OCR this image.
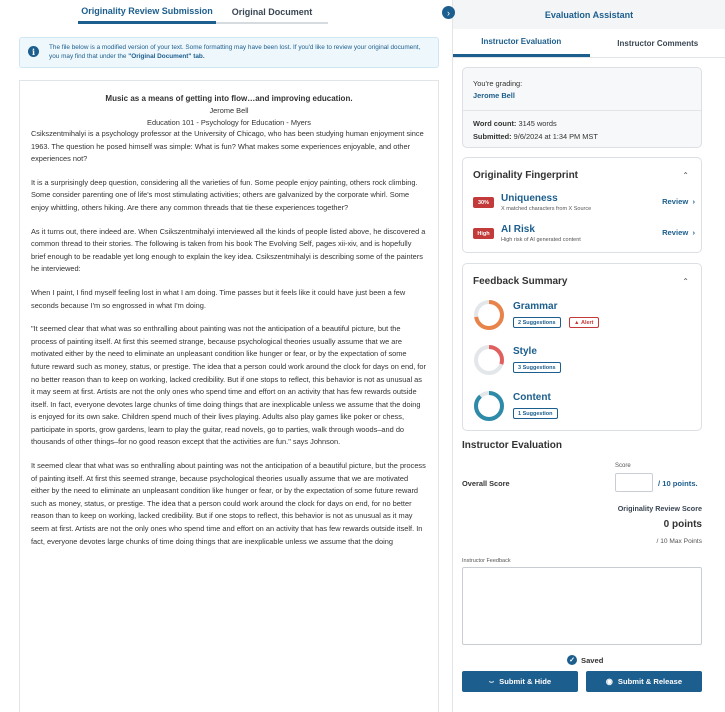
Originality Review Submission	Original Document
i	The file below is a modified version of your text. Some formatting may have been lost. If you'd like to review your original document, you may find that under the "Original Document" tab.
Music as a means of getting into flow…and improving education.
Jerome Bell
Education 101 - Psychology for Education - Myers

Csikszentmihalyi is a psychology professor at the University of Chicago, who has been studying human enjoyment since 1963. The question he posed himself was simple: What is fun? What makes some experiences enjoyable, and other experiences not?

It is a surprisingly deep question, considering all the varieties of fun. Some people enjoy painting, others rock climbing. Some consider parenting one of life's most stimulating activities; others are galvanized by the corporate whirl. Some enjoy whittling, others hiking. Are there any common threads that tie these experiences together?

As it turns out, there indeed are. When Csikszentmihalyi interviewed all the kinds of people listed above, he discovered a common thread to their stories. The following is taken from his book The Evolving Self, pages xii-xiv, and is hopefully brief enough to be readable yet long enough to explain the key idea. Csikszentmihalyi is describing some of the painters he interviewed:

When I paint, I find myself feeling lost in what I am doing. Time passes but it feels like it could have just been a few seconds because I'm so engrossed in what I'm doing.

"It seemed clear that what was so enthralling about painting was not the anticipation of a beautiful picture, but the process of painting itself. At first this seemed strange, because psychological theories usually assume that we are motivated either by the need to eliminate an unpleasant condition like hunger or fear, or by the expectation of some future reward such as money, status, or prestige. The idea that a person could work around the clock for days on end, for no better reason than to keep on working, lacked credibility. But if one stops to reflect, this behavior is not as unusual as it may seem at first. Artists are not the only ones who spend time and effort on an activity that has few rewards outside itself. In fact, everyone devotes large chunks of time doing things that are inexplicable unless we assume that the doing is enjoyed for its own sake. Children spend much of their lives playing. Adults also play games like poker or chess, participate in sports, grow gardens, learn to play the guitar, read novels, go to parties, walk through woods–and do thousands of other things–for no good reason except that the activities are fun." says Johnson.

It seemed clear that what was so enthralling about painting was not the anticipation of a beautiful picture, but the process of painting itself. At first this seemed strange, because psychological theories usually assume that we are motivated either by the need to eliminate an unpleasant condition like hunger or fear, or by the expectation of some future reward such as money, status, or prestige. The idea that a person could work around the clock for days on end, for no better reason than to keep on working, lacked credibility. But if one stops to reflect, this behavior is not as unusual as it may seem at first. Artists are not the only ones who spend time and effort on an activity that has few rewards outside itself. In fact, everyone devotes large chunks of time doing things that are inexplicable unless we assume that the doing

›	Evaluation Assistant
Instructor Evaluation	Instructor Comments
You're grading:
Jerome Bell
Word count: 3145 words
Submitted: 9/6/2024 at 1:34 PM MST
Originality Fingerprint	⌃
30%	Uniqueness
X matched characters from X Source
Review  ›
High	AI Risk
High risk of AI generated content
Review  ›
Feedback Summary	⌃
Grammar
2 Suggestions	▲ Alert
Style
3 Suggestions
Content
1 Suggestion
Instructor Evaluation
Score
Overall Score	/ 10 points.
Originality Review Score
0 points
/ 10 Max Points
Instructor Feedback
✓ Saved
⌣ Submit & Hide	◉ Submit & Release
